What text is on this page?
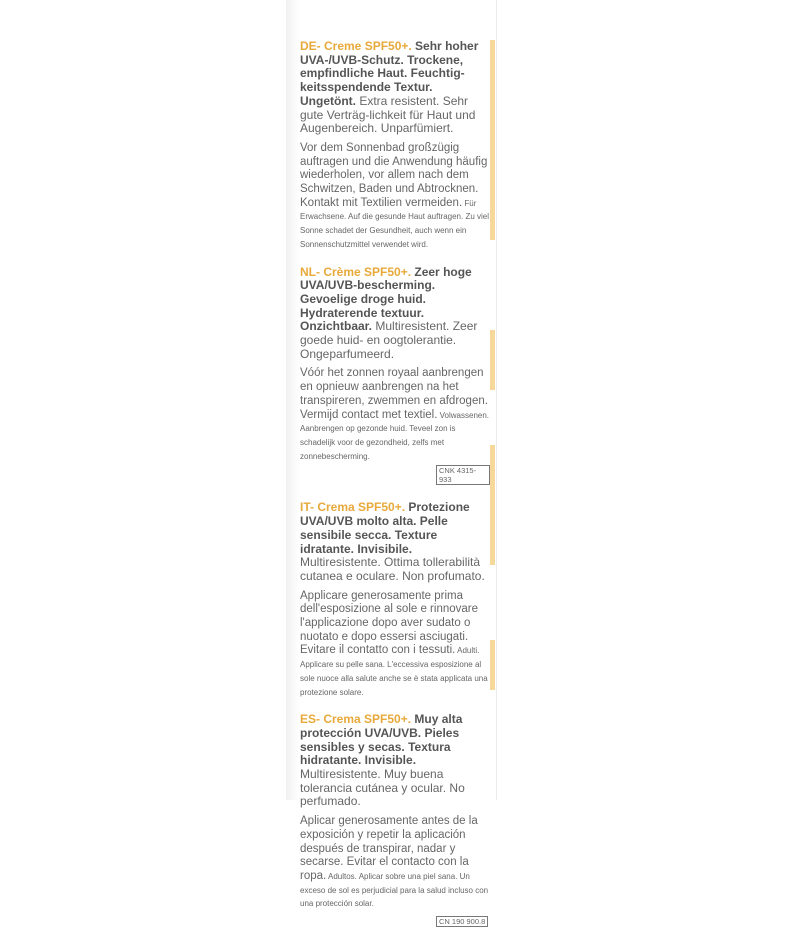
DE- Creme SPF50+. Sehr hoher UVA-/UVB-Schutz. Trockene, empfindliche Haut. Feuchtig-keitsspendende Textur. Ungetönt. Extra resistent. Sehr gute Verträg-lichkeit für Haut und Augenbereich. Unparfümiert.

Vor dem Sonnenbad großzügig auftragen und die Anwendung häufig wiederholen, vor allem nach dem Schwitzen, Baden und Abtrocknen. Kontakt mit Textilien vermeiden. Für Erwachsene. Auf die gesunde Haut auftragen. Zu viel Sonne schadet der Gesundheit, auch wenn ein Sonnenschutzmittel verwendet wird.

NL- Crème SPF50+. Zeer hoge UVA/UVB-bescherming. Gevoelige droge huid. Hydraterende textuur. Onzichtbaar. Multiresistent. Zeer goede huid- en oogtolerantie. Ongeparfumeerd.

Vóór het zonnen royaal aanbrengen en opnieuw aanbrengen na het transpireren, zwemmen en afdrogen. Vermijd contact met textiel. Volwassenen. Aanbrengen op gezonde huid. Teveel zon is schadelijk voor de gezondheid, zelfs met zonnebescherming.

CNK 4315-933

IT- Crema SPF50+. Protezione UVA/UVB molto alta. Pelle sensibile secca. Texture idratante. Invisibile. Multiresistente. Ottima tollerabilità cutanea e oculare. Non profumato.

Applicare generosamente prima dell'esposizione al sole e rinnovare l'applicazione dopo aver sudato o nuotato e dopo essersi asciugati. Evitare il contatto con i tessuti. Adulti. Applicare su pelle sana. L'eccessiva esposizione al sole nuoce alla salute anche se è stata applicata una protezione solare.

ES- Crema SPF50+. Muy alta protección UVA/UVB. Pieles sensibles y secas. Textura hidratante. Invisible. Multiresistente. Muy buena tolerancia cutánea y ocular. No perfumado.

Aplicar generosamente antes de la exposición y repetir la aplicación después de transpirar, nadar y secarse. Evitar el contacto con la ropa. Adultos. Aplicar sobre una piel sana. Un exceso de sol es perjudicial para la salud incluso con una protección solar.

CN 190 900.8
